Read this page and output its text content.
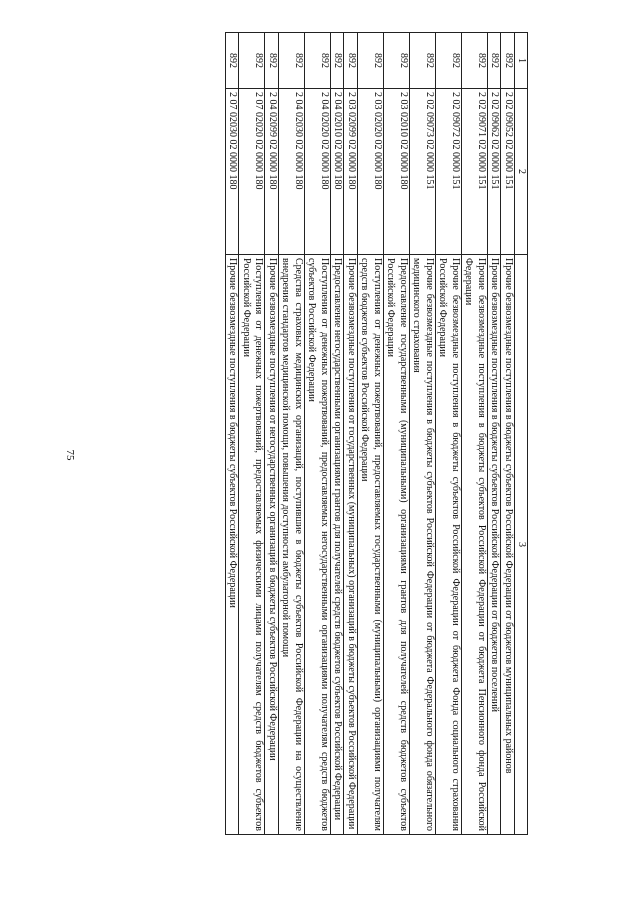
75
1	2	3
892	2 02 09052 02 0000 151	Прочие безвозмездные поступления в бюджеты субъектов Российской Федерации от бюджетов муниципальных районов
892	2 02 09062 02 0000 151	Прочие безвозмездные поступления в бюджеты субъектов Российской Федерации от бюджетов поселений
892	2 02 09071 02 0000 151	Прочие безвозмездные поступления в бюджеты субъектов Российской Федерации от бюджета Пенсионного фонда Российской Федерации
892	2 02 09072 02 0000 151	Прочие безвозмездные поступления в бюджеты субъектов Российской Федерации от бюджета Фонда социального страхования Российской Федерации
892	2 02 09073 02 0000 151	Прочие безвозмездные поступления в бюджеты субъектов Российской Федерации от бюджета Федерального фонда обязательного медицинского страхования
892	2 03 02010 02 0000 180	Предоставление государственными (муниципальными) организациями грантов для получателей средств бюджетов субъектов Российской Федерации
892	2 03 02020 02 0000 180	Поступления от денежных пожертвований, предоставляемых государственными (муниципальными) организациями получателям средств бюджетов субъектов Российской Федерации
892	2 03 02099 02 0000 180	Прочие безвозмездные поступления от государственных (муниципальных) организаций в бюджеты субъектов Российской Федерации
892	2 04 02010 02 0000 180	Предоставление негосударственными организациями грантов для получателей средств бюджетов субъектов Российской Федерации
892	2 04 02020 02 0000 180	Поступления от денежных пожертвований, предоставляемых негосударственными организациями получателям средств бюджетов субъектов Российской Федерации
892	2 04 02030 02 0000 180	Средства страховых медицинских организаций, поступившие в бюджеты субъектов Российской Федерации на осуществление внедрения стандартов медицинской помощи, повышения доступности амбулаторной помощи
892	2 04 02099 02 0000 180	Прочие безвозмездные поступления от негосударственных организаций в бюджеты субъектов Российской Федерации
892	2 07 02020 02 0000 180	Поступления от денежных пожертвований, предоставляемых физическими лицами получателям средств бюджетов субъектов Российской Федерации
892	2 07 02030 02 0000 180	Прочие безвозмездные поступления в бюджеты субъектов Российской Федерации
